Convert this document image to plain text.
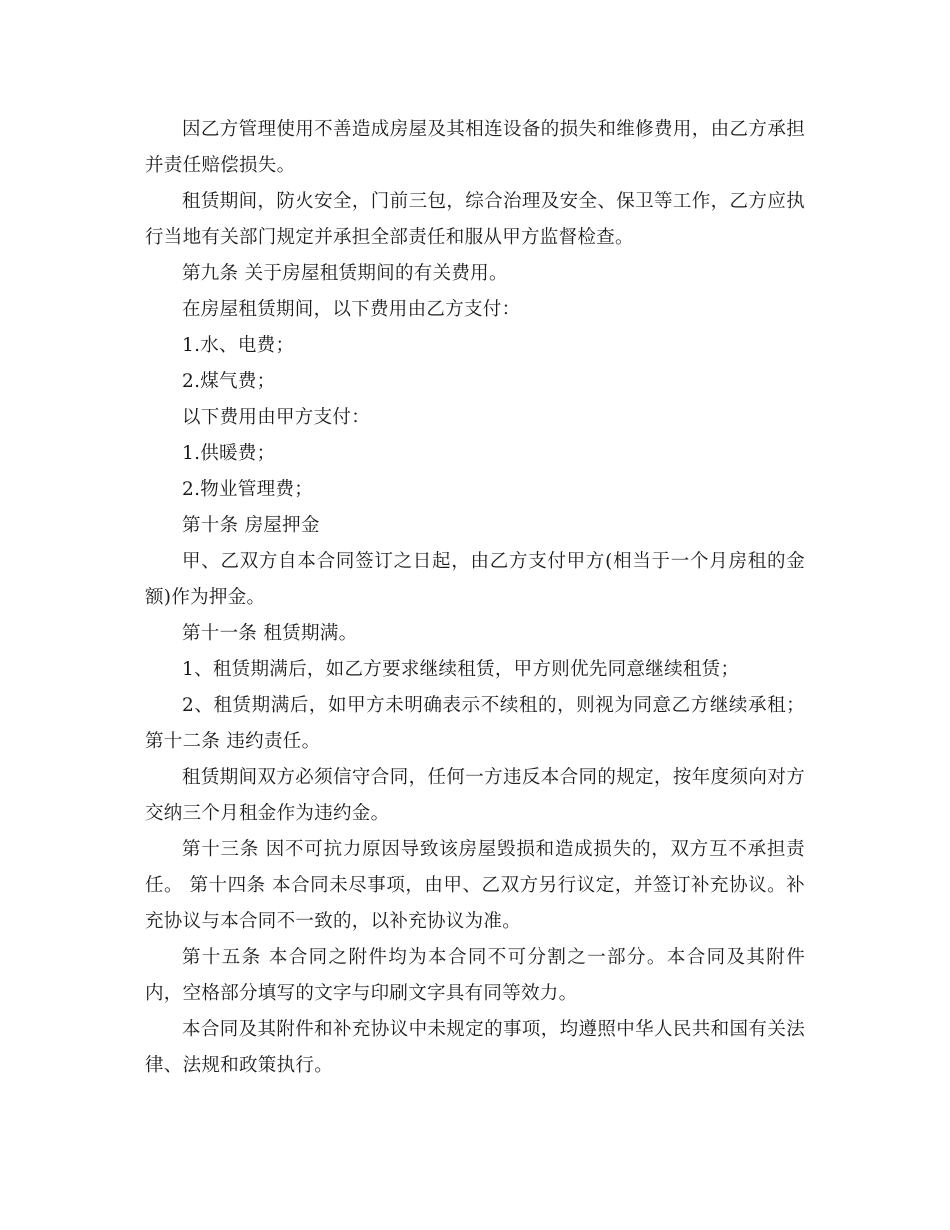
因乙方管理使用不善造成房屋及其相连设备的损失和维修费用，由乙方承担并责任赔偿损失。

租赁期间，防火安全，门前三包，综合治理及安全、保卫等工作，乙方应执行当地有关部门规定并承担全部责任和服从甲方监督检查。

第九条 关于房屋租赁期间的有关费用。

在房屋租赁期间，以下费用由乙方支付：

1.水、电费；

2.煤气费；

以下费用由甲方支付：

1.供暖费；

2.物业管理费；

第十条 房屋押金

甲、乙双方自本合同签订之日起，由乙方支付甲方(相当于一个月房租的金额)作为押金。

第十一条 租赁期满。

1、租赁期满后，如乙方要求继续租赁，甲方则优先同意继续租赁；

2、租赁期满后，如甲方未明确表示不续租的，则视为同意乙方继续承租； 第十二条 违约责任。

租赁期间双方必须信守合同，任何一方违反本合同的规定，按年度须向对方交纳三个月租金作为违约金。

第十三条 因不可抗力原因导致该房屋毁损和造成损失的，双方互不承担责任。 第十四条 本合同未尽事项，由甲、乙双方另行议定，并签订补充协议。补充协议与本合同不一致的，以补充协议为准。

第十五条 本合同之附件均为本合同不可分割之一部分。本合同及其附件内，空格部分填写的文字与印刷文字具有同等效力。

本合同及其附件和补充协议中未规定的事项，均遵照中华人民共和国有关法律、法规和政策执行。
